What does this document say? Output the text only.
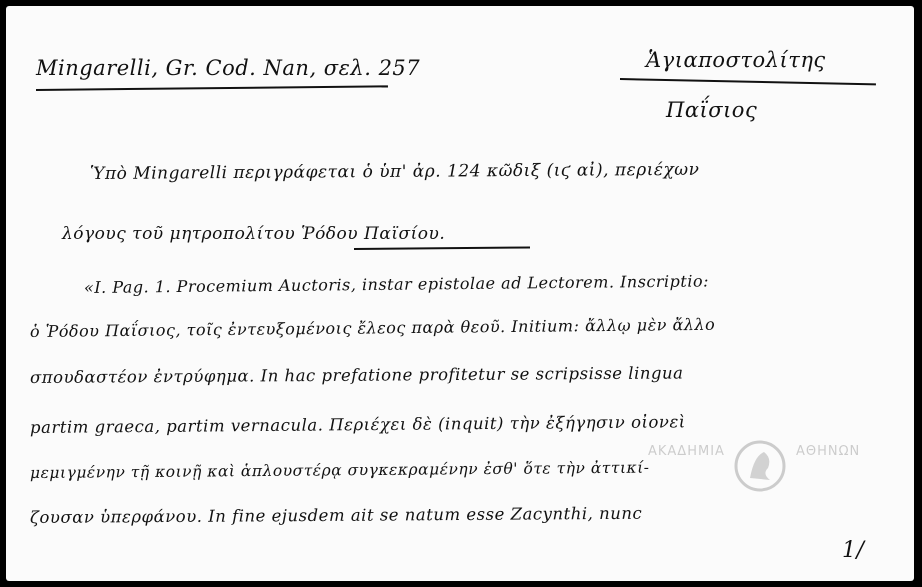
Mingarelli, Gr. Cod. Nan, σελ. 257	Ἁγιαποστολίτης
Παΐσιος
Ὑπὸ Mingarelli περιγράφεται ὁ ὑπ' ἀρ. 124 κῶδιξ (ιϛ αἰ), περιέχων
λόγους τοῦ μητροπολίτου Ῥόδου Παϊσίου.
«I. Pag. 1. Procemium Auctoris, instar epistolae ad Lectorem. Inscriptio:
ὁ Ῥόδου Παΐσιος, τοῖς ἐντευξομένοις ἔλεος παρὰ θεοῦ. Initium: ἄλλῳ μὲν ἄλλο
σπουδαστέον ἐντρύφημα. In hac prefatione profitetur se scripsisse lingua
partim graeca, partim vernacula. Περιέχει δὲ (inquit) τὴν ἐξήγησιν οἰονεὶ
μεμιγμένην τῇ κοινῇ καὶ ἁπλουστέρᾳ συγκεκραμένην ἐσθ' ὅτε τὴν ἀττικί-
ζουσαν ὑπερφάνου. In fine ejusdem ait se natum esse Zacynthi, nunc
1/
ΑΚΑΔΗΜΙΑ	ΑΘΗΝΩΝ
